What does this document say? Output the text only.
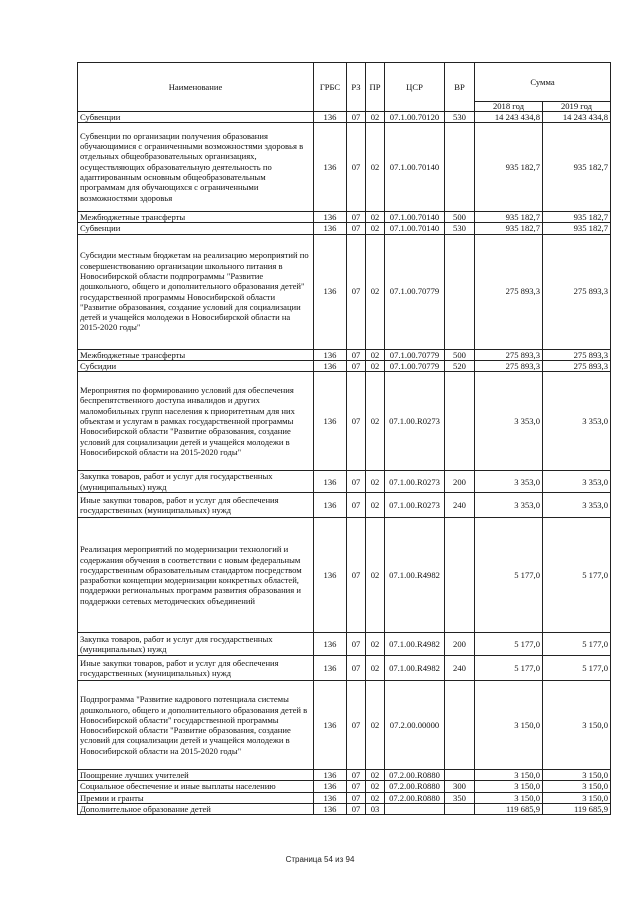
Наименование	ГРБС	РЗ	ПР	ЦСР	ВР	Сумма	
						2018 год	2019 год
Субвенции	136	07	02	07.1.00.70120	530	14 243 434,8	14 243 434,8
Субвенции по организации получения образования обучающимися с ограниченными возможностями здоровья в отдельных общеобразовательных организациях, осуществляющих образовательную деятельность по адаптированным основным общеобразовательным программам для обучающихся с ограниченными возможностями здоровья	136	07	02	07.1.00.70140		935 182,7	935 182,7
Межбюджетные трансферты	136	07	02	07.1.00.70140	500	935 182,7	935 182,7
Субвенции	136	07	02	07.1.00.70140	530	935 182,7	935 182,7
Субсидии местным бюджетам на реализацию мероприятий по совершенствованию организации школьного питания в Новосибирской области подпрограммы "Развитие дошкольного, общего и дополнительного образования детей" государственной программы Новосибирской области "Развитие образования, создание условий для социализации детей и учащейся молодежи в Новосибирской области на 2015-2020 годы"	136	07	02	07.1.00.70779		275 893,3	275 893,3
Межбюджетные трансферты	136	07	02	07.1.00.70779	500	275 893,3	275 893,3
Субсидии	136	07	02	07.1.00.70779	520	275 893,3	275 893,3
Мероприятия по формированию условий для обеспечения беспрепятственного доступа инвалидов и других маломобильных групп населения к приоритетным для них объектам и услугам в рамках государственной программы Новосибирской области "Развитие образования, создание условий для социализации детей и учащейся молодежи в Новосибирской области на 2015-2020 годы"	136	07	02	07.1.00.R0273		3 353,0	3 353,0
Закупка товаров, работ и услуг для государственных (муниципальных) нужд	136	07	02	07.1.00.R0273	200	3 353,0	3 353,0
Иные закупки товаров, работ и услуг для обеспечения государственных (муниципальных) нужд	136	07	02	07.1.00.R0273	240	3 353,0	3 353,0
Реализация мероприятий по модернизации технологий и содержания обучения в соответствии с новым федеральным государственным образовательным стандартом посредством разработки концепции модернизации конкретных областей, поддержки региональных программ развития образования и поддержки сетевых методических объединений	136	07	02	07.1.00.R4982		5 177,0	5 177,0
Закупка товаров, работ и услуг для государственных (муниципальных) нужд	136	07	02	07.1.00.R4982	200	5 177,0	5 177,0
Иные закупки товаров, работ и услуг для обеспечения государственных (муниципальных) нужд	136	07	02	07.1.00.R4982	240	5 177,0	5 177,0
Подпрограмма "Развитие кадрового потенциала системы дошкольного, общего и дополнительного образования детей в Новосибирской области" государственной программы Новосибирской области "Развитие образования, создание условий для социализации детей и учащейся молодежи в Новосибирской области на 2015-2020 годы"	136	07	02	07.2.00.00000		3 150,0	3 150,0
Поощрение лучших учителей	136	07	02	07.2.00.R0880		3 150,0	3 150,0
Социальное обеспечение и иные выплаты населению	136	07	02	07.2.00.R0880	300	3 150,0	3 150,0
Премии и гранты	136	07	02	07.2.00.R0880	350	3 150,0	3 150,0
Дополнительное образование детей	136	07	03			119 685,9	119 685,9
Страница 54 из 94
